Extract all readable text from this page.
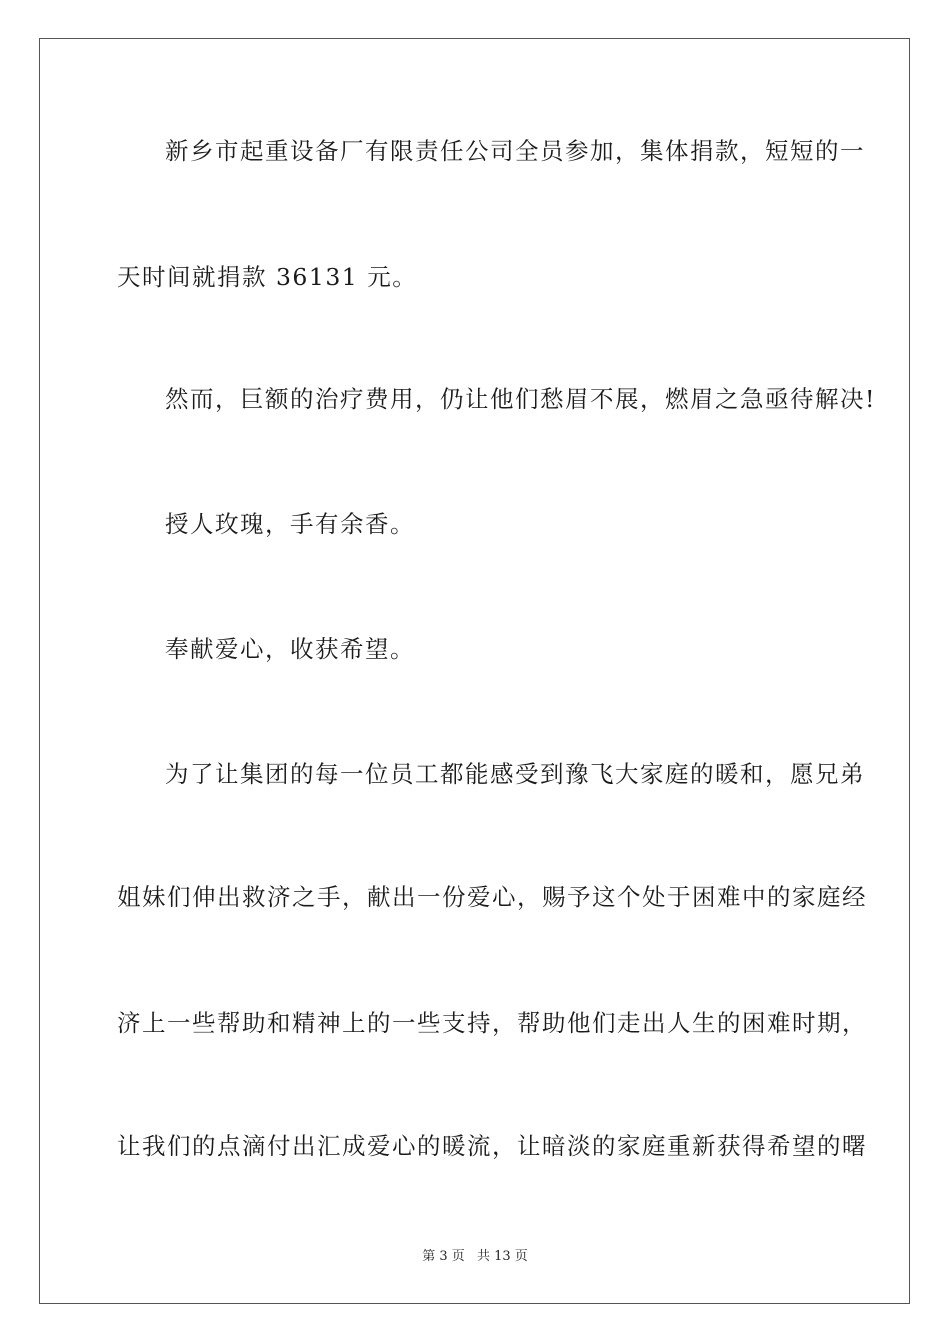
新乡市起重设备厂有限责任公司全员参加，集体捐款，短短的一
天时间就捐款 36131 元。
然而，巨额的治疗费用，仍让他们愁眉不展，燃眉之急亟待解决!
授人玫瑰，手有余香。
奉献爱心，收获希望。
为了让集团的每一位员工都能感受到豫飞大家庭的暖和，愿兄弟
姐妹们伸出救济之手，献出一份爱心，赐予这个处于困难中的家庭经
济上一些帮助和精神上的一些支持，帮助他们走出人生的困难时期，
让我们的点滴付出汇成爱心的暖流，让暗淡的家庭重新获得希望的曙
第 3 页 共 13 页
